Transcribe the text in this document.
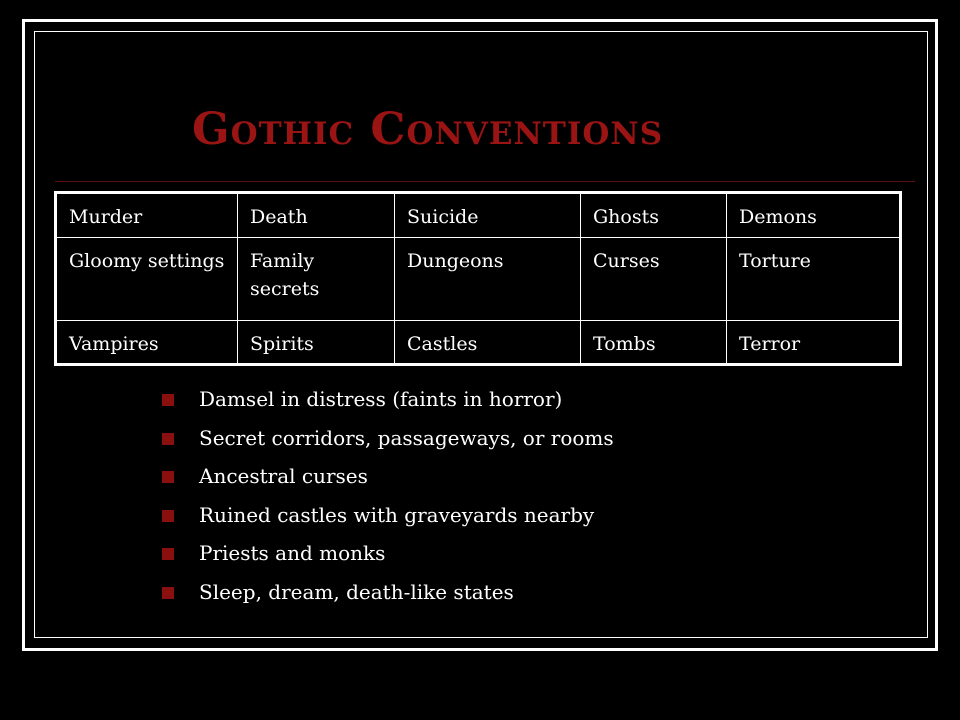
Gothic Conventions
Murder	Death	Suicide	Ghosts	Demons
Gloomy settings	Family secrets	Dungeons	Curses	Torture
Vampires	Spirits	Castles	Tombs	Terror
Damsel in distress (faints in horror)
Secret corridors, passageways, or rooms
Ancestral curses
Ruined castles with graveyards nearby
Priests and monks
Sleep, dream, death-like states
